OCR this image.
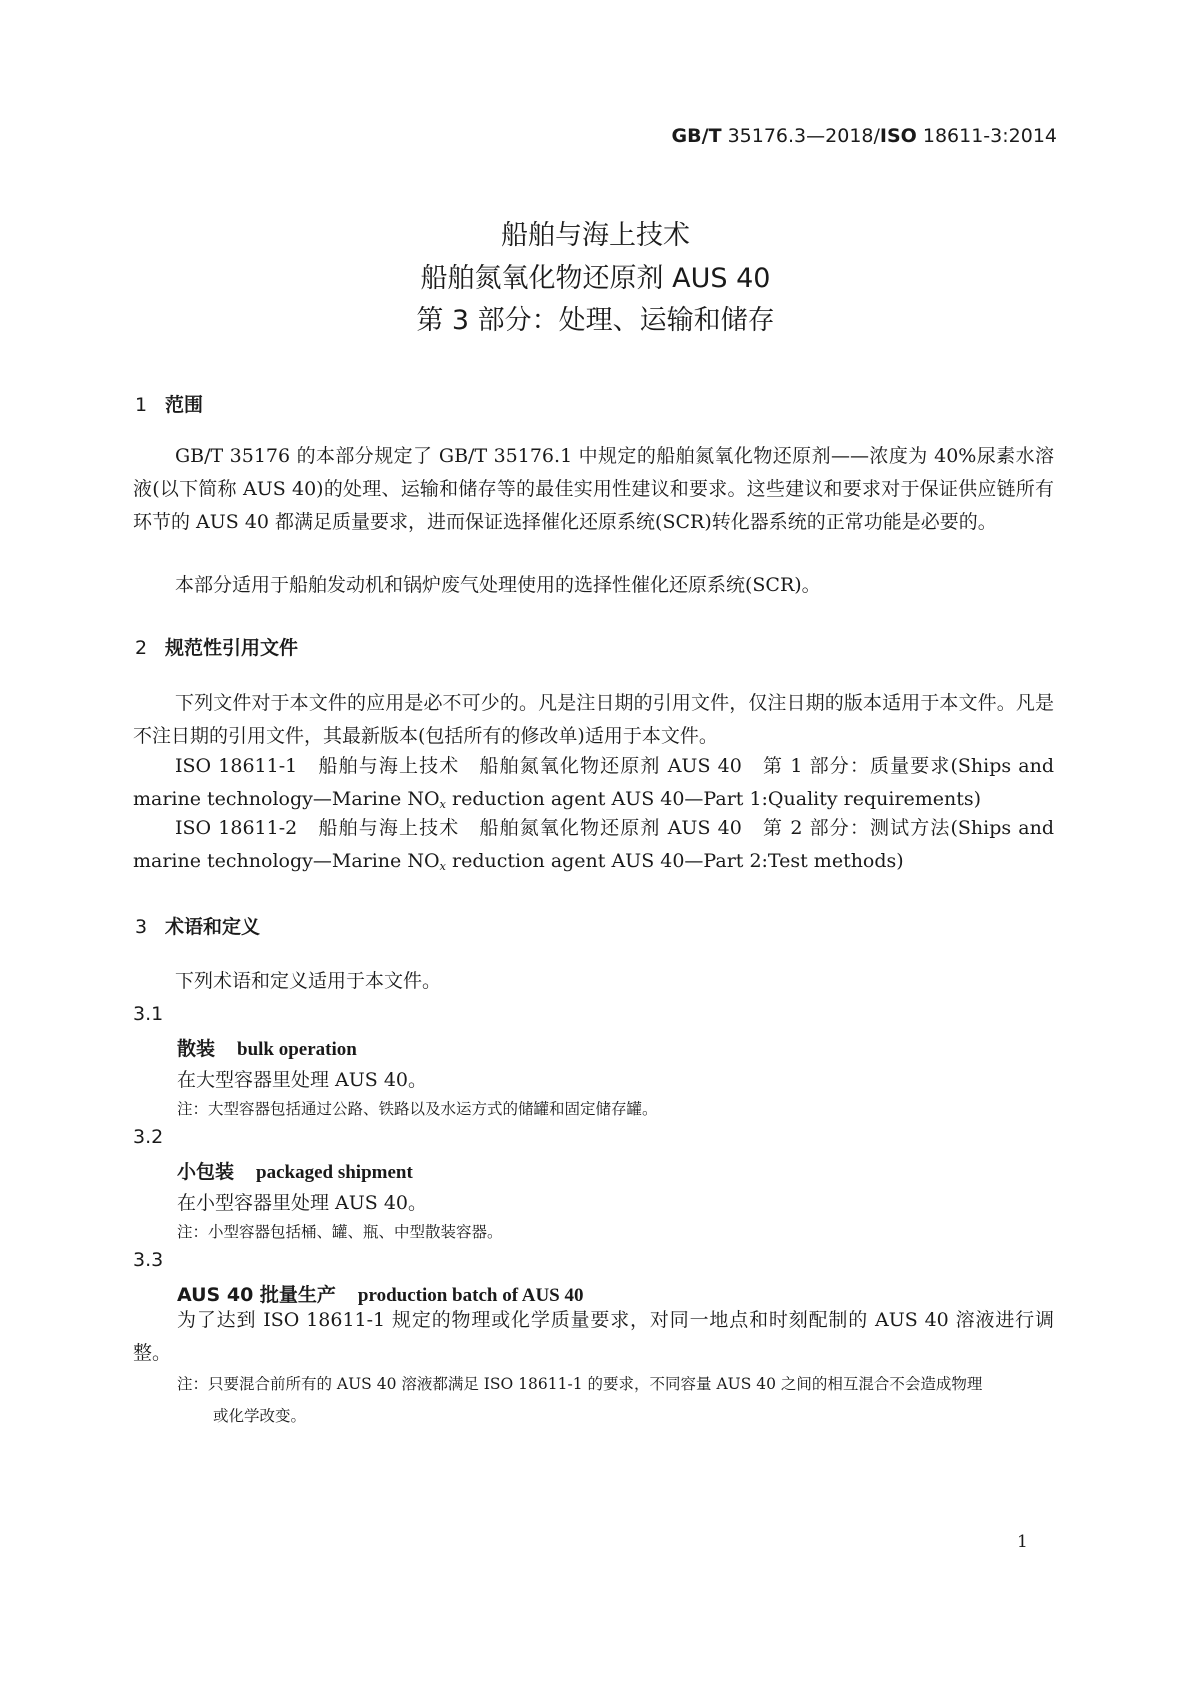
GB/T 35176.3—2018/ISO 18611-3:2014
船舶与海上技术
船舶氮氧化物还原剂 AUS 40
第 3 部分：处理、运输和储存
1 范围
GB/T 35176 的本部分规定了 GB/T 35176.1 中规定的船舶氮氧化物还原剂——浓度为 40%尿素水溶液(以下简称 AUS 40)的处理、运输和储存等的最佳实用性建议和要求。这些建议和要求对于保证供应链所有环节的 AUS 40 都满足质量要求，进而保证选择催化还原系统(SCR)转化器系统的正常功能是必要的。
本部分适用于船舶发动机和锅炉废气处理使用的选择性催化还原系统(SCR)。
2 规范性引用文件
下列文件对于本文件的应用是必不可少的。凡是注日期的引用文件，仅注日期的版本适用于本文件。凡是不注日期的引用文件，其最新版本(包括所有的修改单)适用于本文件。
ISO 18611-1　船舶与海上技术　船舶氮氧化物还原剂 AUS 40　第 1 部分：质量要求(Ships and marine technology—Marine $NO_x$ reduction agent AUS 40—Part 1:Quality requirements)
ISO 18611-2　船舶与海上技术　船舶氮氧化物还原剂 AUS 40　第 2 部分：测试方法(Ships and marine technology—Marine $NO_x$ reduction agent AUS 40—Part 2:Test methods)
3 术语和定义
下列术语和定义适用于本文件。
3.1
散装 bulk operation
在大型容器里处理 AUS 40。
注：大型容器包括通过公路、铁路以及水运方式的储罐和固定储存罐。
3.2
小包装 packaged shipment
在小型容器里处理 AUS 40。
注：小型容器包括桶、罐、瓶、中型散装容器。
3.3
AUS 40 批量生产 production batch of AUS 40
为了达到 ISO 18611-1 规定的物理或化学质量要求，对同一地点和时刻配制的 AUS 40 溶液进行调整。
注：只要混合前所有的 AUS 40 溶液都满足 ISO 18611-1 的要求，不同容量 AUS 40 之间的相互混合不会造成物理
或化学改变。
1
